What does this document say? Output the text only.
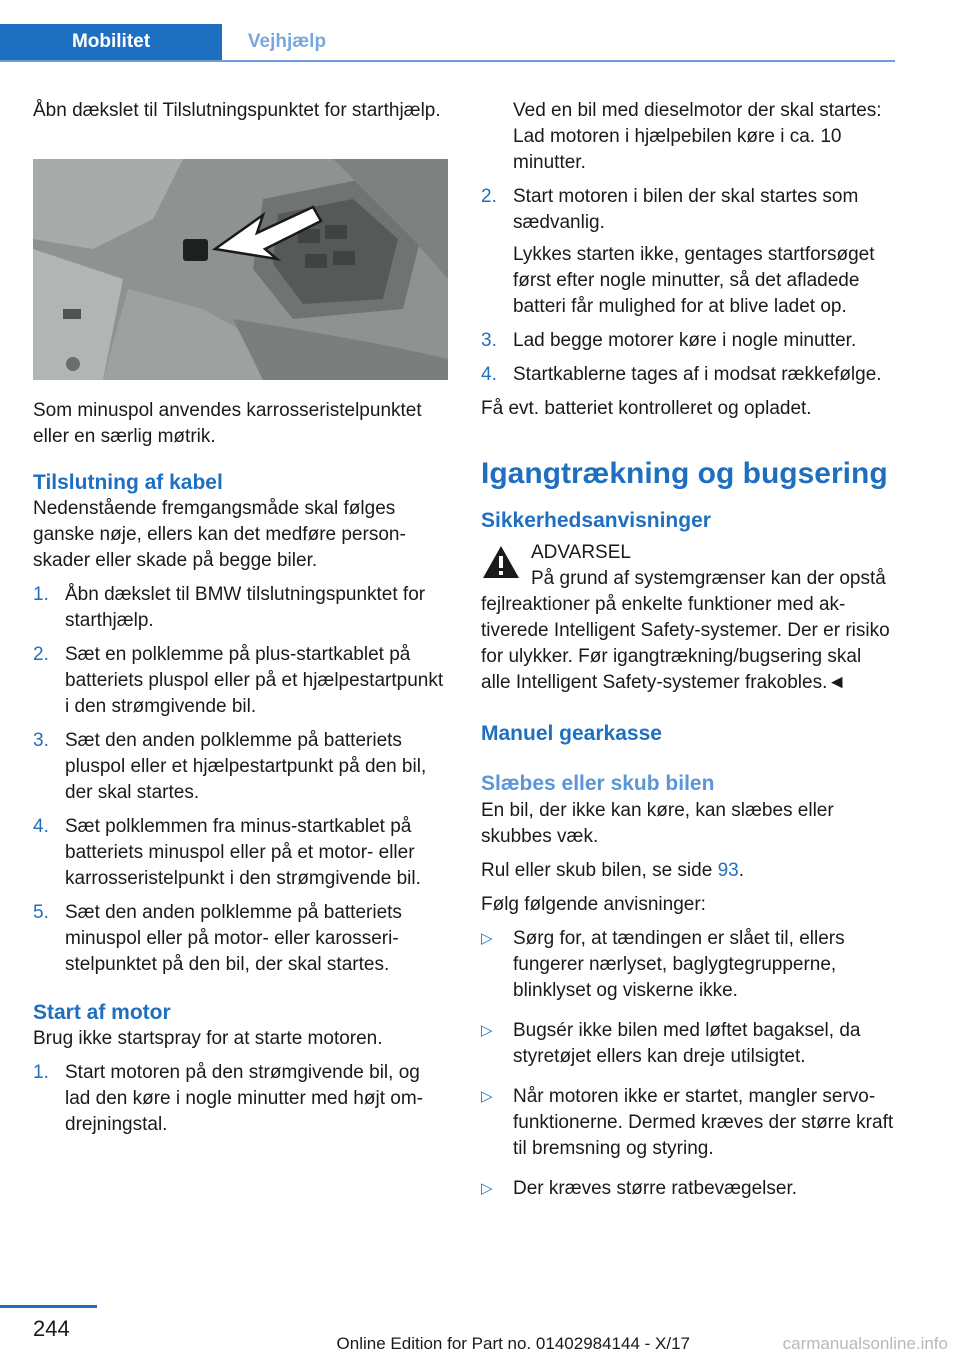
Mobilitet	Vejhjælp

Åbn dækslet til Tilslutningspunktet for starthjælp.

Som minuspol anvendes karrosseristelpunktet eller en særlig møtrik.

Tilslutning af kabel

Nedenstående fremgangsmåde skal følges ganske nøje, ellers kan det medføre personskader eller skade på begge biler.

1. Åbn dækslet til BMW tilslutningspunktet for starthjælp.
2. Sæt en polklemme på plus-startkablet på batteriets pluspol eller på et hjælpestartpunkt i den strømgivende bil.
3. Sæt den anden polklemme på batteriets pluspol eller et hjælpestartpunkt på den bil, der skal startes.
4. Sæt polklemmen fra minus-startkablet på batteriets minuspol eller på et motor- eller karrosseristelpunkt i den strømgivende bil.
5. Sæt den anden polklemme på batteriets minuspol eller på motor- eller karosseristelpunktet på den bil, der skal startes.
Start af motor

Brug ikke startspray for at starte motoren.

1. Start motoren på den strømgivende bil, og lad den køre i nogle minutter med højt omdrejningstal.

Ved en bil med dieselmotor der skal startes: Lad motoren i hjælpebilen køre i ca. 10 minutter.

2. Start motoren i bilen der skal startes som sædvanlig.
Lykkes starten ikke, gentages startforsøget først efter nogle minutter, så det afladede batteri får mulighed for at blive ladet op.
3. Lad begge motorer køre i nogle minutter.
4. Startkablerne tages af i modsat rækkefølge.

Få evt. batteriet kontrolleret og opladet.

Igangtrækning og bugsering
Sikkerhedsanvisninger

ADVARSEL

På grund af systemgrænser kan der opstå fejlreaktioner på enkelte funktioner med aktiverede Intelligent Safety-systemer. Der er risiko for ulykker. Før igangtrækning/bugsering skal alle Intelligent Safety-systemer frakobles.◄

Manuel gearkasse
Slæbes eller skub bilen

En bil, der ikke kan køre, kan slæbes eller skubbes væk.

Rul eller skub bilen, se side 93.

Følg følgende anvisninger:

▷ Sørg for, at tændingen er slået til, ellers fungerer nærlyset, baglygtegrupperne, blinklyset og viskerne ikke.
▷ Bugsér ikke bilen med løftet bagaksel, da styretøjet ellers kan dreje utilsigtet.
▷ Når motoren ikke er startet, mangler servofunktionerne. Dermed kræves der større kraft til bremsning og styring.
▷ Der kræves større ratbevægelser.
244
Online Edition for Part no. 01402984144 - X/17	carmanualsonline.info
